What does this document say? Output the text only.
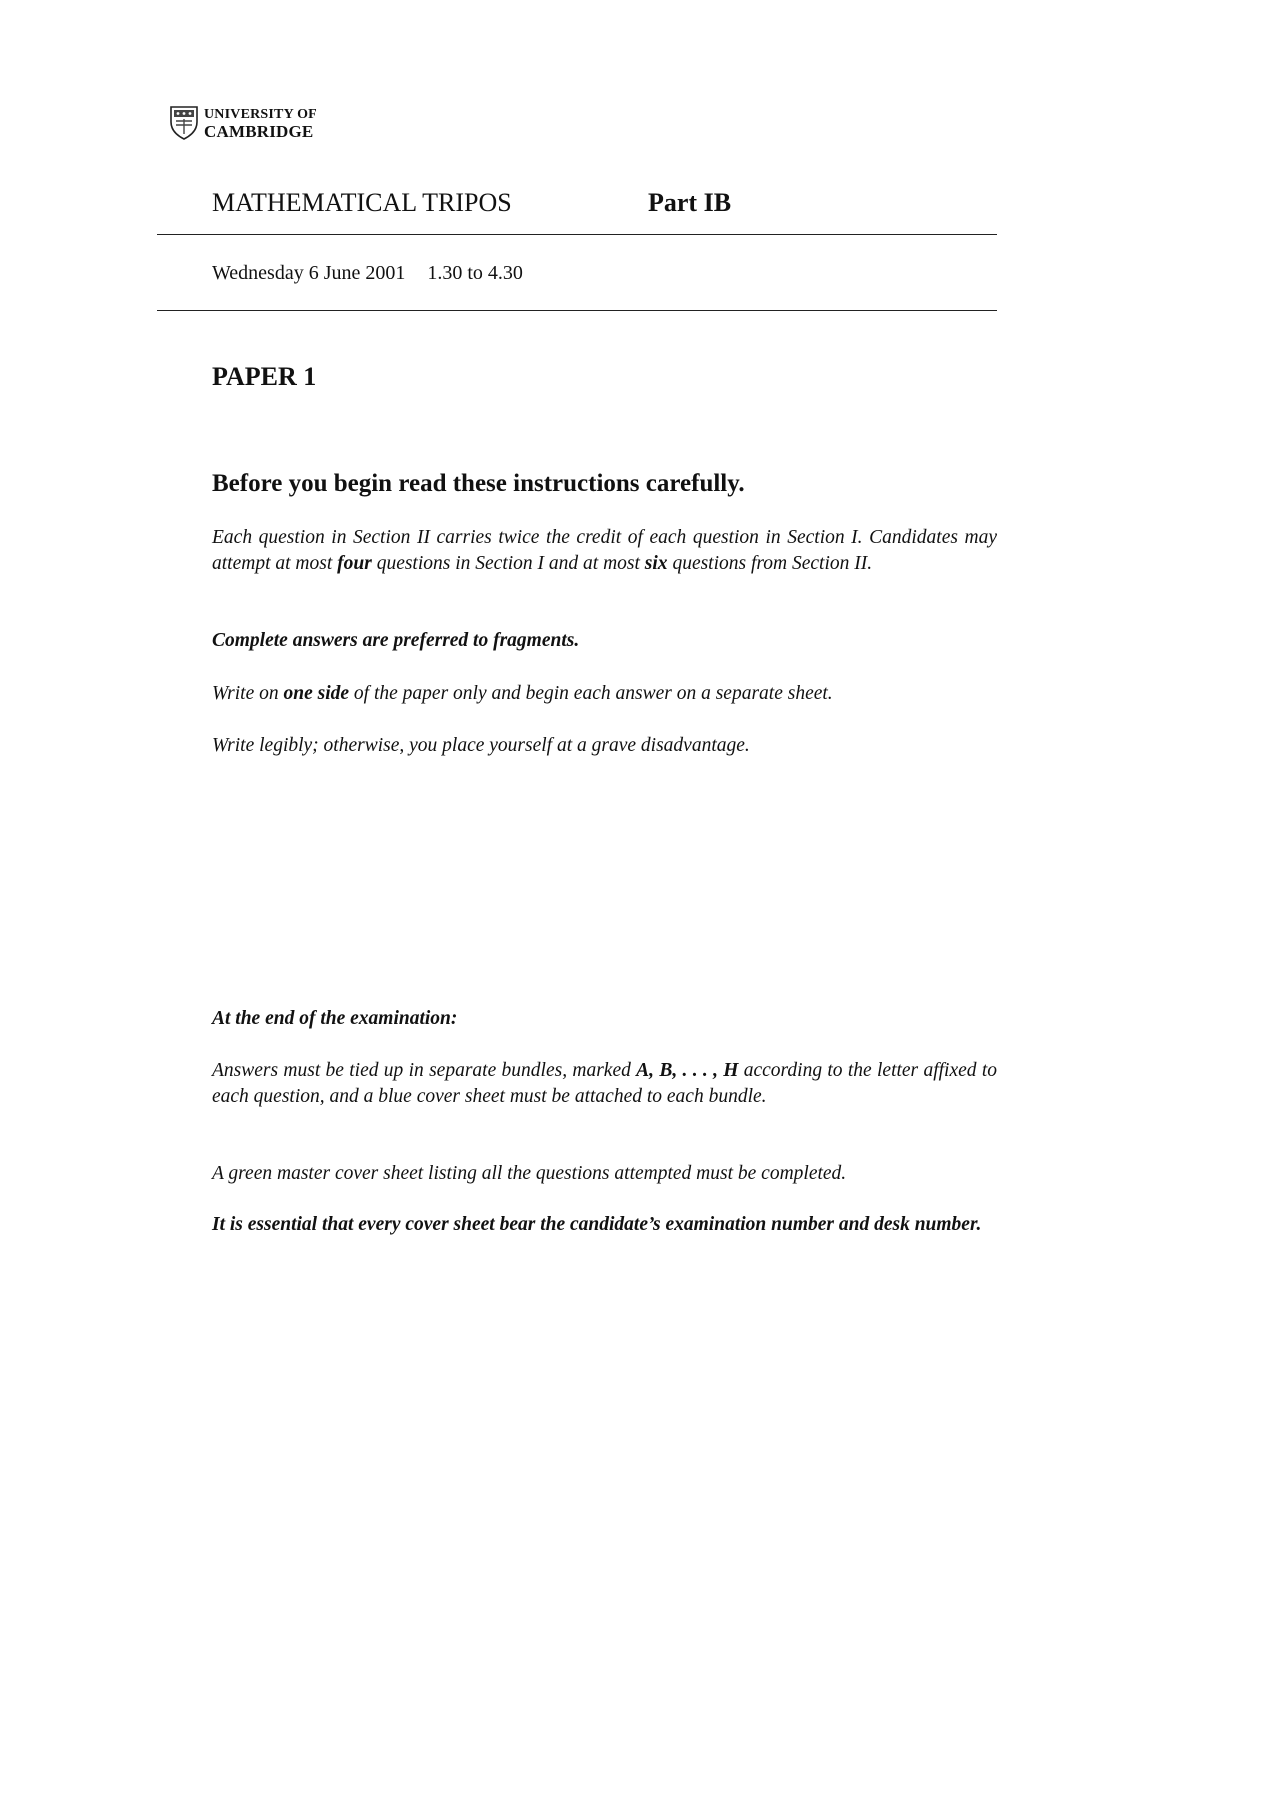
UNIVERSITY OF
CAMBRIDGE
MATHEMATICAL TRIPOS	Part IB
Wednesday 6 June 2001 1.30 to 4.30
PAPER 1
Before you begin read these instructions carefully.
Each question in Section II carries twice the credit of each question in Section I. Candidates may attempt at most four questions in Section I and at most six questions from Section II.
Complete answers are preferred to fragments.
Write on one side of the paper only and begin each answer on a separate sheet.
Write legibly; otherwise, you place yourself at a grave disadvantage.
At the end of the examination:
Answers must be tied up in separate bundles, marked A, B, . . . , H according to the letter affixed to each question, and a blue cover sheet must be attached to each bundle.
A green master cover sheet listing all the questions attempted must be completed.
It is essential that every cover sheet bear the candidate’s examination number and desk number.
